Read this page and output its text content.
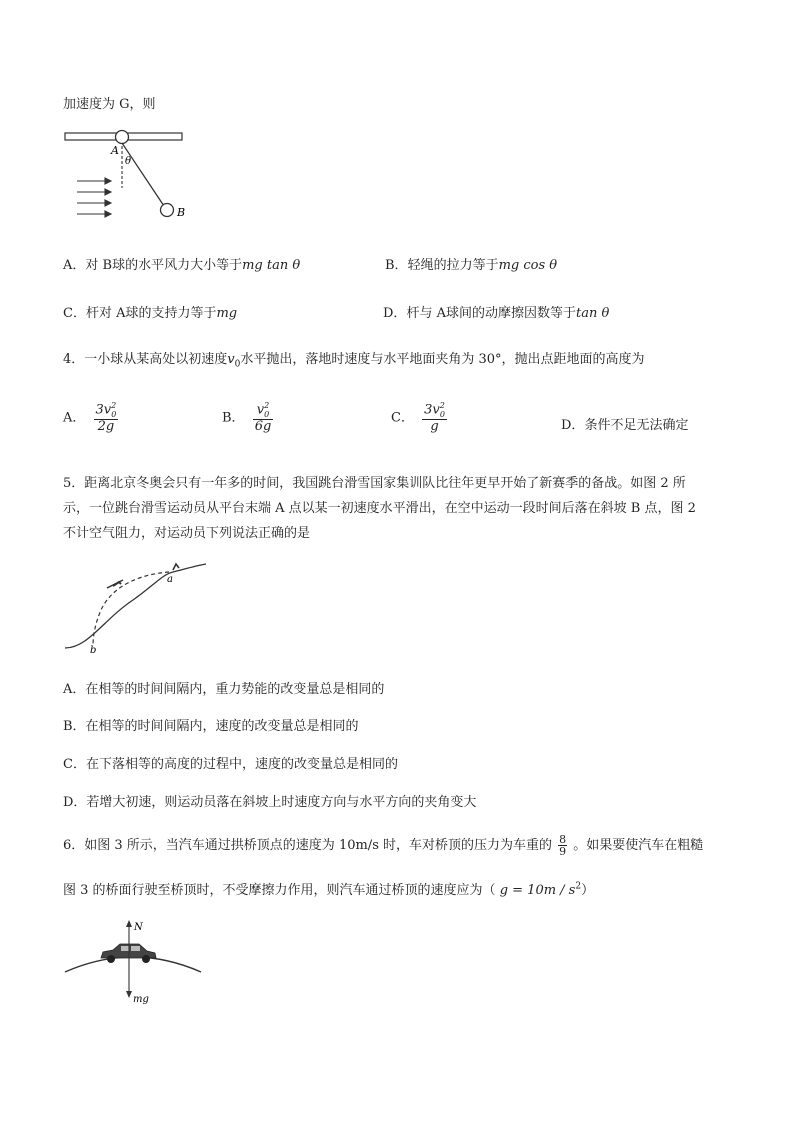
加速度为 G，则
A
θ
B
A．对 B球的水平风力大小等于mg tan θ	B．轻绳的拉力等于mg cos θ
C．杆对 A球的支持力等于mg	D．杆与 A球间的动摩擦因数等于tan θ
4．一小球从某高处以初速度$v_0$水平抛出，落地时速度与水平地面夹角为 30°，抛出点距地面的高度为
A． $\frac{3v^2_0}{2g}$	B． $\frac{v^2_0}{6g}$	C． $\frac{3v^2_0}{g}$	D．条件不足无法确定
5．距离北京冬奥会只有一年多的时间，我国跳台滑雪国家集训队比往年更早开始了新赛季的备战。如图 2 所
示，一位跳台滑雪运动员从平台末端 A 点以某一初速度水平滑出，在空中运动一段时间后落在斜坡 B 点，图 2
不计空气阻力，对运动员下列说法正确的是
a
b
A．在相等的时间间隔内，重力势能的改变量总是相同的
B．在相等的时间间隔内，速度的改变量总是相同的
C．在下落相等的高度的过程中，速度的改变量总是相同的
D．若增大初速，则运动员落在斜坡上时速度方向与水平方向的夹角变大
6．如图 3 所示，当汽车通过拱桥顶点的速度为 10m/s 时，车对桥顶的压力为车重的 $\frac{8}{9}$ 。如果要使汽车在粗糙
图 3 的桥面行驶至桥顶时，不受摩擦力作用，则汽车通过桥顶的速度应为（ $g = 10m / s^2$）
N
mg
